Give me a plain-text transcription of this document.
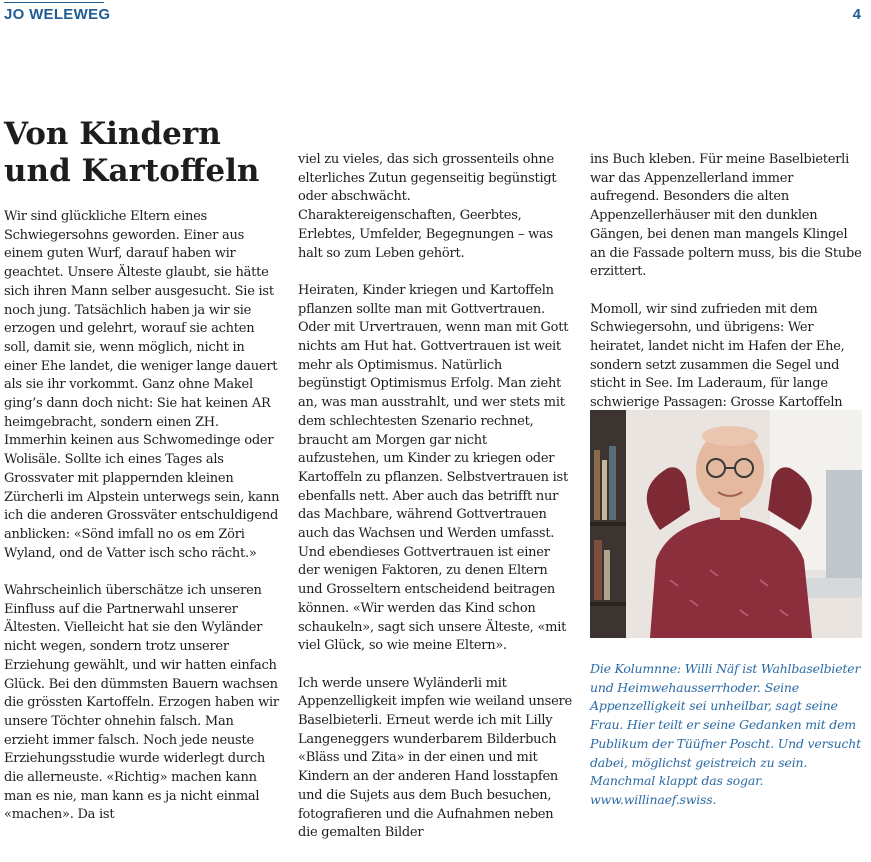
JO WELEWEG	4
Von Kindern
und Kartoffeln

Wir sind glückliche Eltern eines Schwiegersohns geworden. Einer aus einem guten Wurf, darauf haben wir geachtet. Unsere Älteste glaubt, sie hätte sich ihren Mann selber ausgesucht. Sie ist noch jung. Tatsächlich haben ja wir sie erzogen und gelehrt, worauf sie achten soll, damit sie, wenn möglich, nicht in einer Ehe landet, die weniger lange dauert als sie ihr vorkommt. Ganz ohne Makel ging’s dann doch nicht: Sie hat keinen AR heimgebracht, sondern einen ZH. Immerhin keinen aus Schwomedinge oder Wolisäle. Sollte ich eines Tages als Grossvater mit plappernden kleinen Zürcherli im Alpstein unterwegs sein, kann ich die anderen Grossväter entschuldigend anblicken: «Sönd imfall no os em Zöri Wyland, ond de Vatter isch scho rächt.»

Wahrscheinlich überschätze ich unseren Einfluss auf die Partnerwahl unserer Ältesten. Vielleicht hat sie den Wyländer nicht wegen, sondern trotz unserer Erziehung gewählt, und wir hatten einfach Glück. Bei den dümmsten Bauern wachsen die grössten Kartoffeln. Erzogen haben wir unsere Töchter ohnehin falsch. Man erzieht immer falsch. Noch jede neuste Erziehungsstudie wurde widerlegt durch die allerneuste. «Richtig» machen kann man es nie, man kann es ja nicht einmal «machen». Da ist

viel zu vieles, das sich grossenteils ohne elterliches Zutun gegenseitig begünstigt oder abschwächt. Charaktereigenschaften, Geerbtes, Erlebtes, Umfelder, Begegnungen – was halt so zum Leben gehört.

Heiraten, Kinder kriegen und Kartoffeln pflanzen sollte man mit Gottvertrauen. Oder mit Urvertrauen, wenn man mit Gott nichts am Hut hat. Gottvertrauen ist weit mehr als Optimismus. Natürlich begünstigt Optimismus Erfolg. Man zieht an, was man ausstrahlt, und wer stets mit dem schlechtesten Szenario rechnet, braucht am Morgen gar nicht aufzustehen, um Kinder zu kriegen oder Kartoffeln zu pflanzen. Selbstvertrauen ist ebenfalls nett. Aber auch das betrifft nur das Machbare, während Gottvertrauen auch das Wachsen und Werden umfasst. Und ebendieses Gottvertrauen ist einer der wenigen Faktoren, zu denen Eltern und Grosseltern entscheidend beitragen können. «Wir werden das Kind schon schaukeln», sagt sich unsere Älteste, «mit viel Glück, so wie meine Eltern».

Ich werde unsere Wyländerli mit Appenzelligkeit impfen wie weiland unsere Baselbieterli. Erneut werde ich mit Lilly Langeneggers wunderbarem Bilderbuch «Bläss und Zita» in der einen und mit Kindern an der anderen Hand losstapfen und die Sujets aus dem Buch besuchen, fotografieren und die Aufnahmen neben die gemalten Bilder

ins Buch kleben. Für meine Baselbieterli war das Appenzellerland immer aufregend. Besonders die alten Appenzellerhäuser mit den dunklen Gängen, bei denen man mangels Klingel an die Fassade poltern muss, bis die Stube erzittert.

Momoll, wir sind zufrieden mit dem Schwiegersohn, und übrigens: Wer heiratet, landet nicht im Hafen der Ehe, sondern setzt zusammen die Segel und sticht in See. Im Laderaum, für lange schwierige Passagen: Grosse Kartoffeln

Die Kolumnne: Willi Näf ist Wahlbaselbieter und Heimwehausserrhoder. Seine Appenzelligkeit sei unheilbar, sagt seine Frau. Hier teilt er seine Gedanken mit dem Publikum der Tüüfner Poscht. Und versucht dabei, möglichst geistreich zu sein. Manchmal klappt das sogar. www.willinaef.swiss.
